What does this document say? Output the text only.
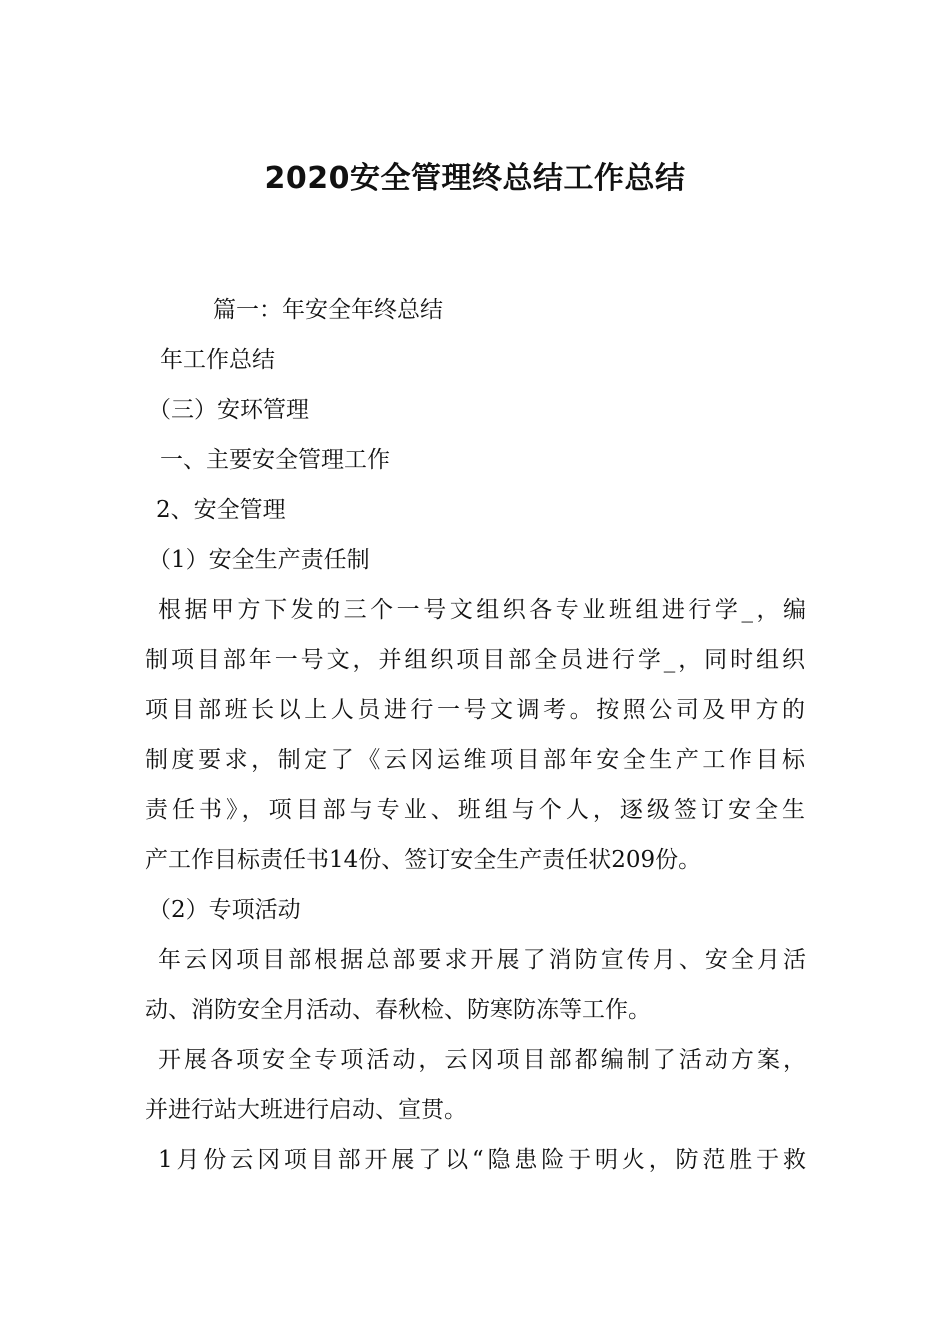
2020安全管理终总结工作总结

篇一：年安全年终总结

年工作总结

（三）安环管理

一、主要安全管理工作

2、安全管理

（1）安全生产责任制

根据甲方下发的三个一号文组织各专业班组进行学_，编

制项目部年一号文，并组织项目部全员进行学_，同时组织

项目部班长以上人员进行一号文调考。按照公司及甲方的

制度要求，制定了《云冈运维项目部年安全生产工作目标

责任书》，项目部与专业、班组与个人，逐级签订安全生

产工作目标责任书14份、签订安全生产责任状209份。

（2）专项活动

年云冈项目部根据总部要求开展了消防宣传月、安全月活

动、消防安全月活动、春秋检、防寒防冻等工作。

开展各项安全专项活动，云冈项目部都编制了活动方案，

并进行站大班进行启动、宣贯。

1月份云冈项目部开展了以“隐患险于明火，防范胜于救
